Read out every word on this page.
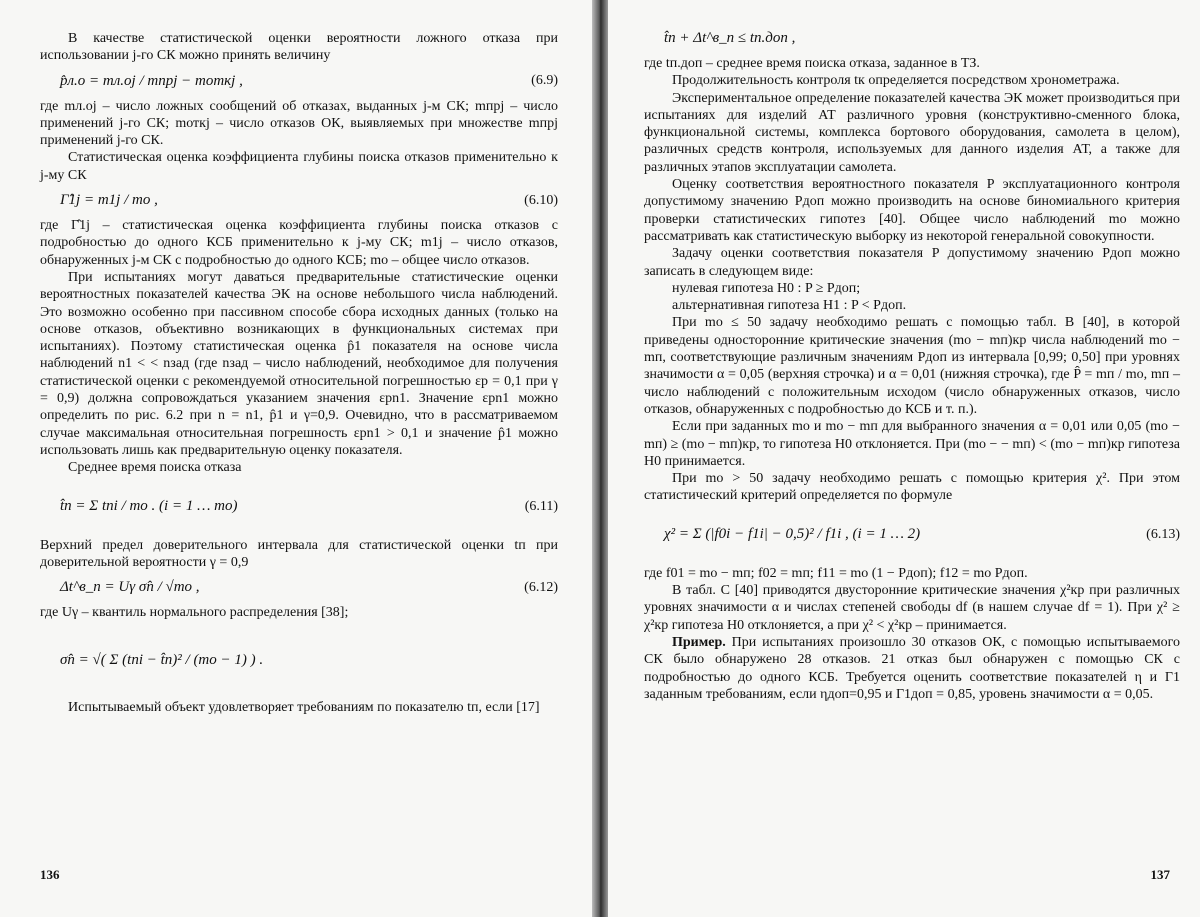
В качестве статистической оценки вероятности ложного отказа при использовании j-го СК можно принять величину

p̂л.о = mл.оj / mпрj − mоткj ,	(6.9)

где mл.оj – число ложных сообщений об отказах, выданных j-м СК; mпрj – число применений j-го СК; mоткj – число отказов ОК, выявляемых при множестве mпрj применений j-го СК.

Статистическая оценка коэффициента глубины поиска отказов применительно к j-му СК

Γ̂1j = m1j / mо ,	(6.10)

где Γ̂1j – статистическая оценка коэффициента глубины поиска отказов с подробностью до одного КСБ применительно к j-му СК; m1j – число отказов, обнаруженных j-м СК с подробностью до одного КСБ; mо – общее число отказов.

При испытаниях могут даваться предварительные статистические оценки вероятностных показателей качества ЭК на основе небольшого числа наблюдений. Это возможно особенно при пассивном способе сбора исходных данных (только на основе отказов, объективно возникающих в функциональных системах при испытаниях). Поэтому статистическая оценка p̂1 показателя на основе числа наблюдений n1 < < nзад (где nзад – число наблюдений, необходимое для получения статистической оценки с рекомендуемой относительной погрешностью εp = 0,1 при γ = 0,9) должна сопровождаться указанием значения εpn1. Значение εpn1 можно определить по рис. 6.2 при n = n1, p̂1 и γ=0,9. Очевидно, что в рассматриваемом случае максимальная относительная погрешность εpn1 > 0,1 и значение p̂1 можно использовать лишь как предварительную оценку показателя.

Среднее время поиска отказа

t̂п = Σ tпi / mо . (i = 1 … mо)	(6.11)

Верхний предел доверительного интервала для статистической оценки tп при доверительной вероятности γ = 0,9

Δt^в_п = Uγ σ̂п / √mо ,	(6.12)

где Uγ – квантиль нормального распределения [38];

σ̂п = √( Σ (tпi − t̂п)² / (mо − 1) ) .

Испытываемый объект удовлетворяет требованиям по показателю tп, если [17]

136
t̂п + Δt^в_п ≤ tп.доп ,

где tп.доп – среднее время поиска отказа, заданное в ТЗ.

Продолжительность контроля tк определяется посредством хронометража.

Экспериментальное определение показателей качества ЭК может производиться при испытаниях для изделий АТ различного уровня (конструктивно-сменного блока, функциональной системы, комплекса бортового оборудования, самолета в целом), различных средств контроля, используемых для данного изделия АТ, а также для различных этапов эксплуатации самолета.

Оценку соответствия вероятностного показателя P эксплуатационного контроля допустимому значению Pдоп можно производить на основе биномиального критерия проверки статистических гипотез [40]. Общее число наблюдений mо можно рассматривать как статистическую выборку из некоторой генеральной совокупности.

Задачу оценки соответствия показателя P допустимому значению Pдоп можно записать в следующем виде:

нулевая гипотеза H0 : P ≥ Pдоп;

альтернативная гипотеза H1 : P < Pдоп.

При mо ≤ 50 задачу необходимо решать с помощью табл. B [40], в которой приведены односторонние критические значения (mо − mп)кр числа наблюдений mо − mп, соответствующие различным значениям Pдоп из интервала [0,99; 0,50] при уровнях значимости α = 0,05 (верхняя строчка) и α = 0,01 (нижняя строчка), где P̂ = mп / mо, mп – число наблюдений с положительным исходом (число обнаруженных отказов, число отказов, обнаруженных с подробностью до КСБ и т. п.).

Если при заданных mо и mо − mп для выбранного значения α = 0,01 или 0,05 (mо − mп) ≥ (mо − mп)кр, то гипотеза H0 отклоняется. При (mо − − mп) < (mо − mп)кр гипотеза H0 принимается.

При mо > 50 задачу необходимо решать с помощью критерия χ². При этом статистический критерий определяется по формуле

χ² = Σ (|f0i − f1i| − 0,5)² / f1i , (i = 1 … 2)	(6.13)

где f01 = mо − mп; f02 = mп; f11 = mо (1 − Pдоп); f12 = mо Pдоп.

В табл. C [40] приводятся двусторонние критические значения χ²кр при различных уровнях значимости α и числах степеней свободы df (в нашем случае df = 1). При χ² ≥ χ²кр гипотеза H0 отклоняется, а при χ² < χ²кр – принимается.

Пример. При испытаниях произошло 30 отказов ОК, с помощью испытываемого СК было обнаружено 28 отказов. 21 отказ был обнаружен с помощью СК с подробностью до одного КСБ. Требуется оценить соответствие показателей η и Γ1 заданным требованиям, если ηдоп=0,95 и Γ1доп = 0,85, уровень значимости α = 0,05.

137
